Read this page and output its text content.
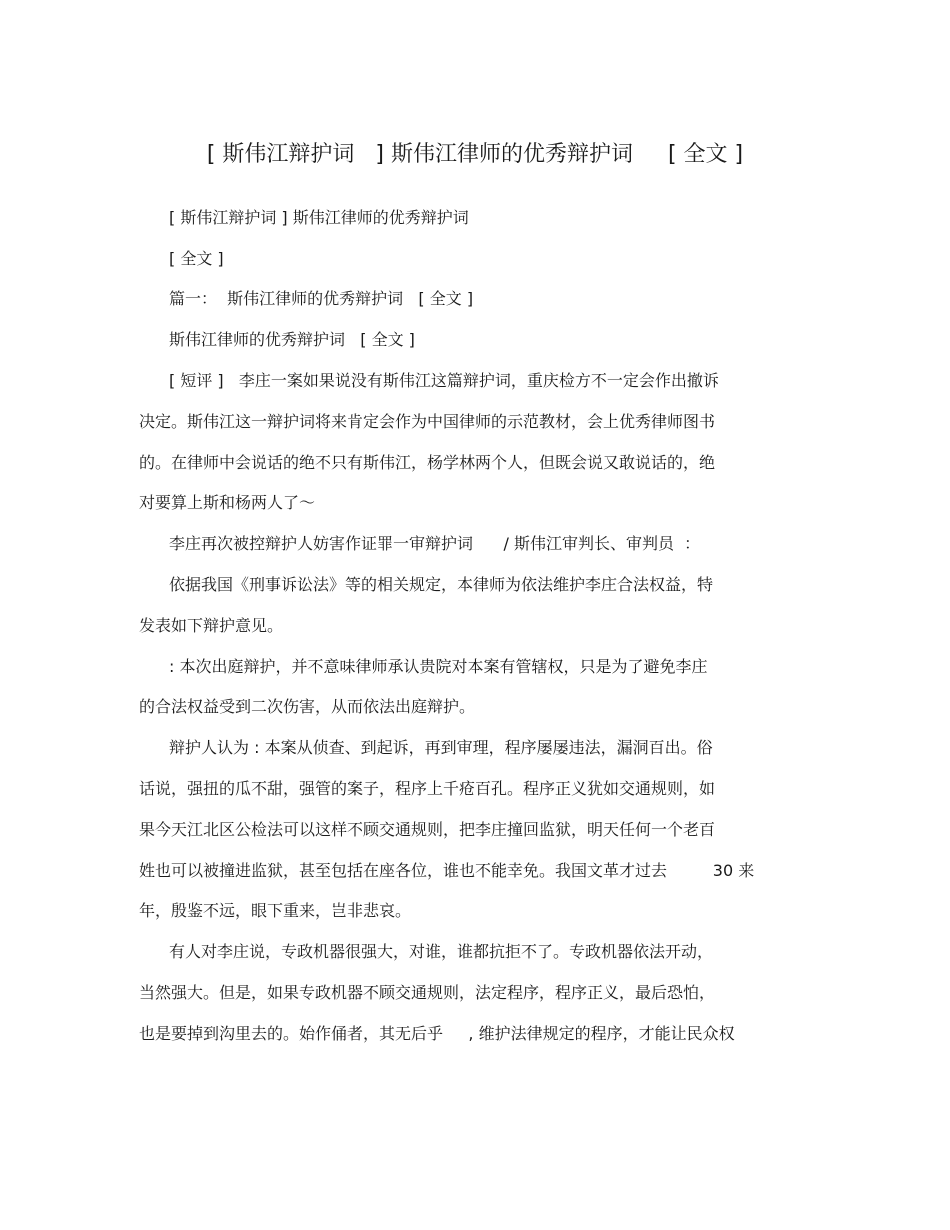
[ 斯伟江辩护词   ] 斯伟江律师的优秀辩护词     [ 全文 ]
[ 斯伟江辩护词 ] 斯伟江律师的优秀辩护词
[ 全文 ]
篇一：  斯伟江律师的优秀辩护词   [ 全文 ]
斯伟江律师的优秀辩护词   [ 全文 ]
[ 短评 ]   李庄一案如果说没有斯伟江这篇辩护词，重庆检方不一定会作出撤诉
决定。斯伟江这一辩护词将来肯定会作为中国律师的示范教材，会上优秀律师图书
的。在律师中会说话的绝不只有斯伟江，杨学林两个人，但既会说又敢说话的，绝
对要算上斯和杨两人了～
李庄再次被控辩护人妨害作证罪一审辩护词      / 斯伟江审判长、审判员  ：
依据我国《刑事诉讼法》等的相关规定，本律师为依法维护李庄合法权益，特
发表如下辩护意见。
: 本次出庭辩护，并不意味律师承认贵院对本案有管辖权，只是为了避免李庄
的合法权益受到二次伤害，从而依法出庭辩护。
辩护人认为 : 本案从侦查、到起诉，再到审理，程序屡屡违法，漏洞百出。俗
话说，强扭的瓜不甜，强管的案子，程序上千疮百孔。程序正义犹如交通规则，如
果今天江北区公检法可以这样不顾交通规则，把李庄撞回监狱，明天任何一个老百
姓也可以被撞进监狱，甚至包括在座各位，谁也不能幸免。我国文革才过去         30 来
年，殷鉴不远，眼下重来，岂非悲哀。
有人对李庄说，专政机器很强大，对谁，谁都抗拒不了。专政机器依法开动，
当然强大。但是，如果专政机器不顾交通规则，法定程序，程序正义，最后恐怕，
也是要掉到沟里去的。始作俑者，其无后乎     , 维护法律规定的程序，才能让民众权
